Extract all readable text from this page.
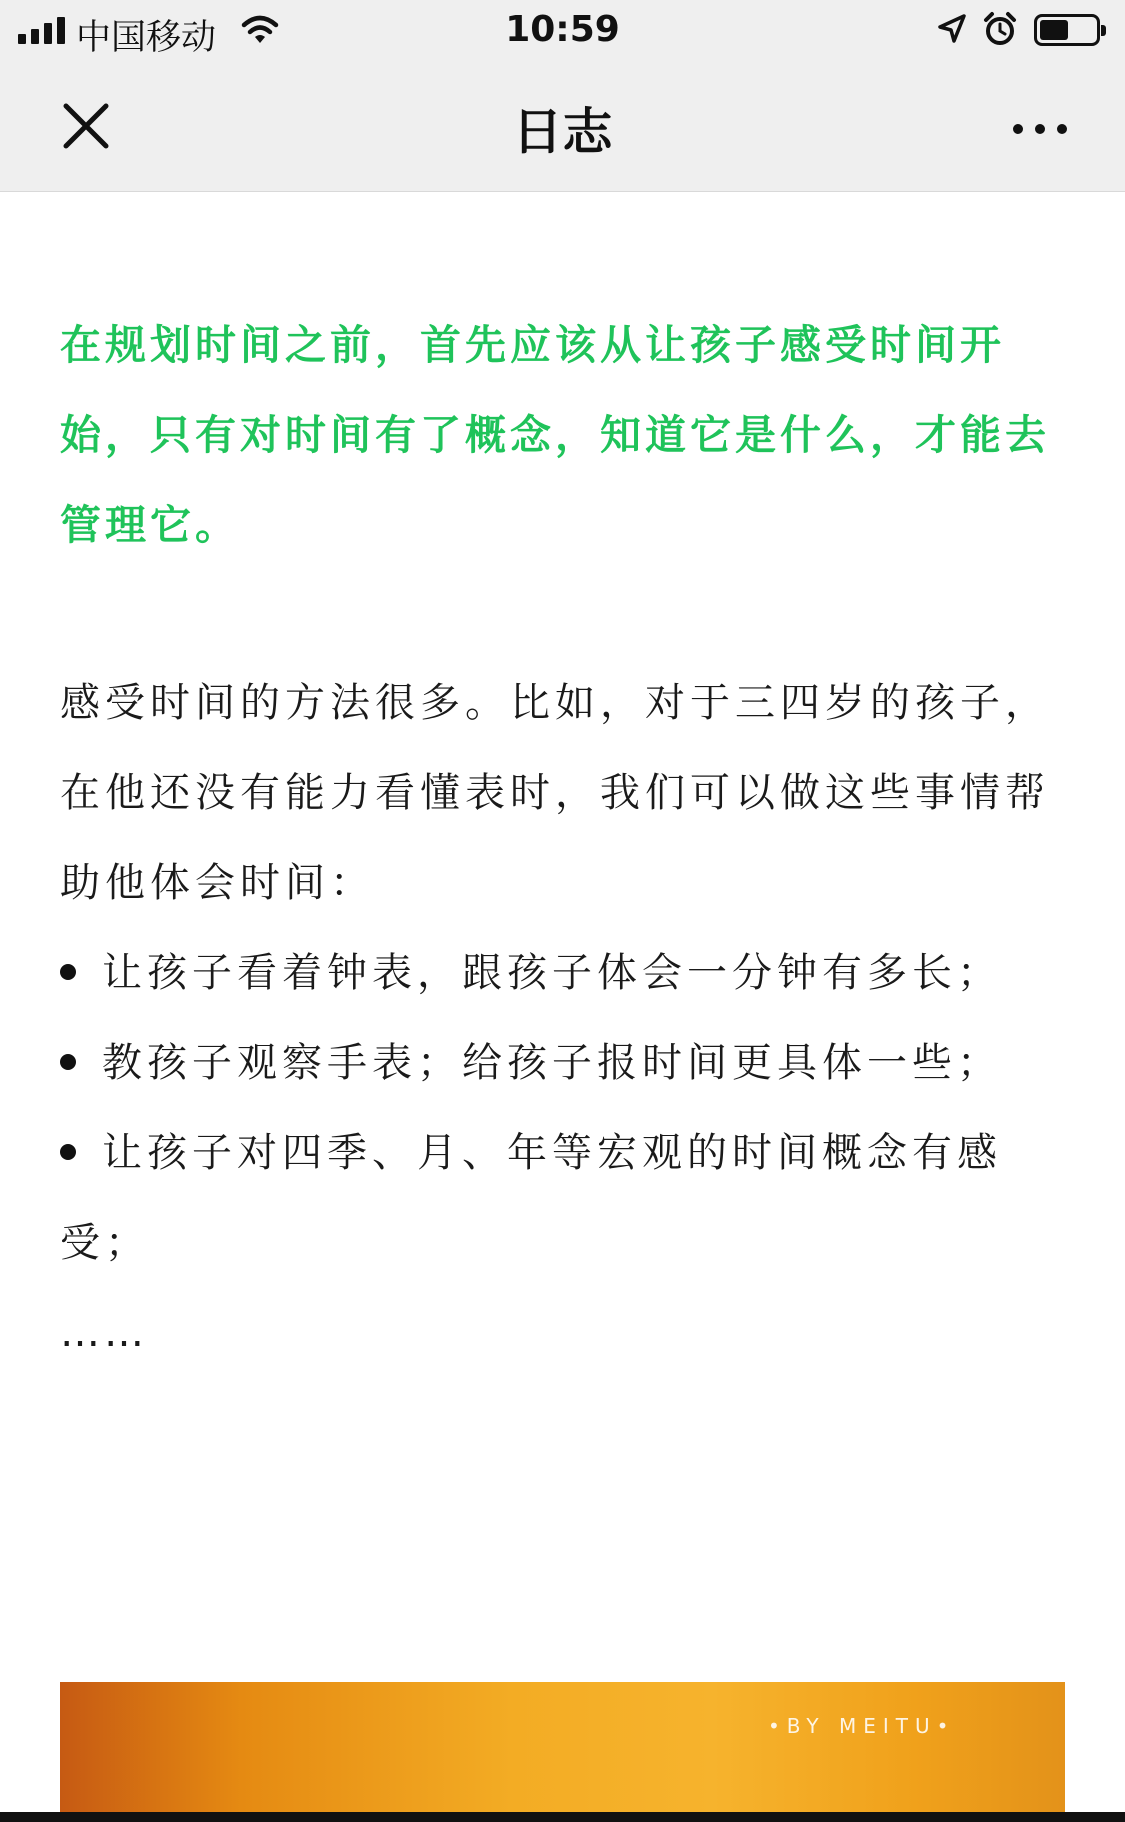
中国移动	10:59
日志

在规划时间之前，首先应该从让孩子感受时间开始，只有对时间有了概念，知道它是什么，才能去管理它。

感受时间的方法很多。比如，对于三四岁的孩子，在他还没有能力看懂表时，我们可以做这些事情帮助他体会时间：

让孩子看着钟表，跟孩子体会一分钟有多长；
教孩子观察手表；给孩子报时间更具体一些；
让孩子对四季、月、年等宏观的时间概念有感受；

……

•BY MEITU•
